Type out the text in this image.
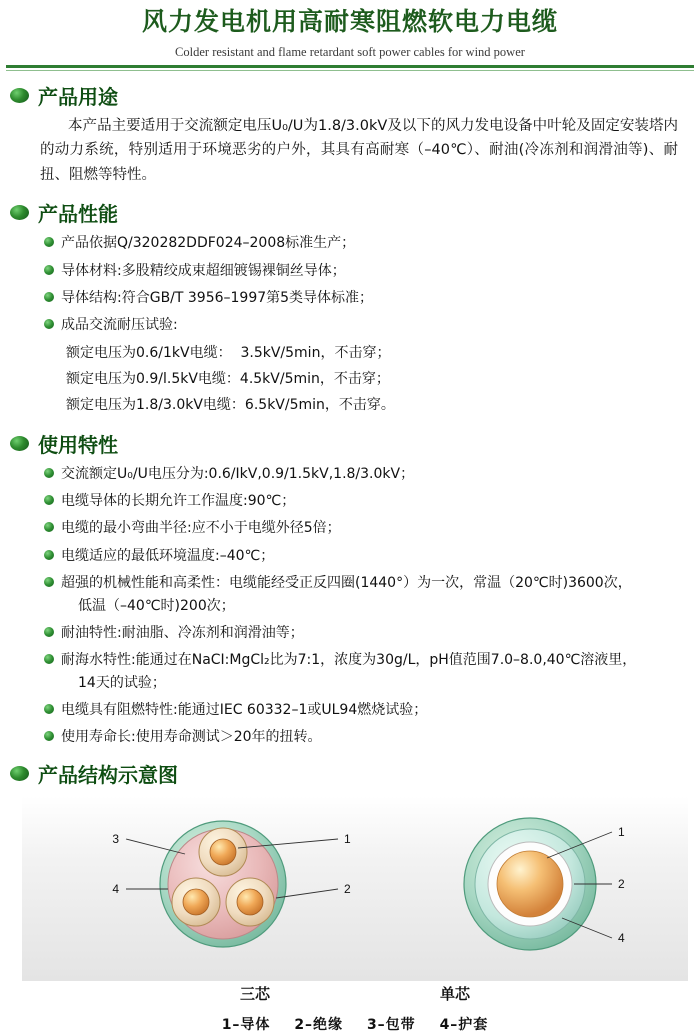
风力发电机用高耐寒阻燃软电力电缆
Colder resistant and flame retardant soft power cables for wind power
产品用途
本产品主要适用于交流额定电压U₀/U为1.8/3.0kV及以下的风力发电设备中叶轮及固定安装塔内的动力系统，特别适用于环境恶劣的户外，其具有高耐寒（–40℃）、耐油(冷冻剂和润滑油等)、耐扭、阻燃等特性。
产品性能
产品依据Q/320282DDF024–2008标准生产；
导体材料:多股精绞成束超细镀锡裸铜丝导体；
导体结构:符合GB/T 3956–1997第5类导体标准；
成品交流耐压试验:
额定电压为0.6/1kV电缆：  3.5kV/5min，不击穿；
额定电压为0.9/l.5kV电缆：4.5kV/5min，不击穿；
额定电压为1.8/3.0kV电缆：6.5kV/5min，不击穿。
使用特性
交流额定U₀/U电压分为:0.6/IkV,0.9/1.5kV,1.8/3.0kV；
电缆导体的长期允许工作温度:90℃；
电缆的最小弯曲半径:应不小于电缆外径5倍；
电缆适应的最低环境温度:–40℃；
超强的机械性能和高柔性：电缆能经受正反四圈(1440°）为一次，常温（20℃时)3600次，
低温（–40℃时)200次；
耐油特性:耐油脂、冷冻剂和润滑油等；
耐海水特性:能通过在NaCI:MgCl₂比为7:1，浓度为30g/L，pH值范围7.0–8.0,40℃溶液里，
14天的试验；
电缆具有阻燃特性:能通过IEC 60332–1或UL94燃烧试验；
使用寿命长:使用寿命测试＞20年的扭转。
产品结构示意图
3
4
1
2
1
2
4
三芯	单芯
1–导体 2–绝缘 3–包带 4–护套
